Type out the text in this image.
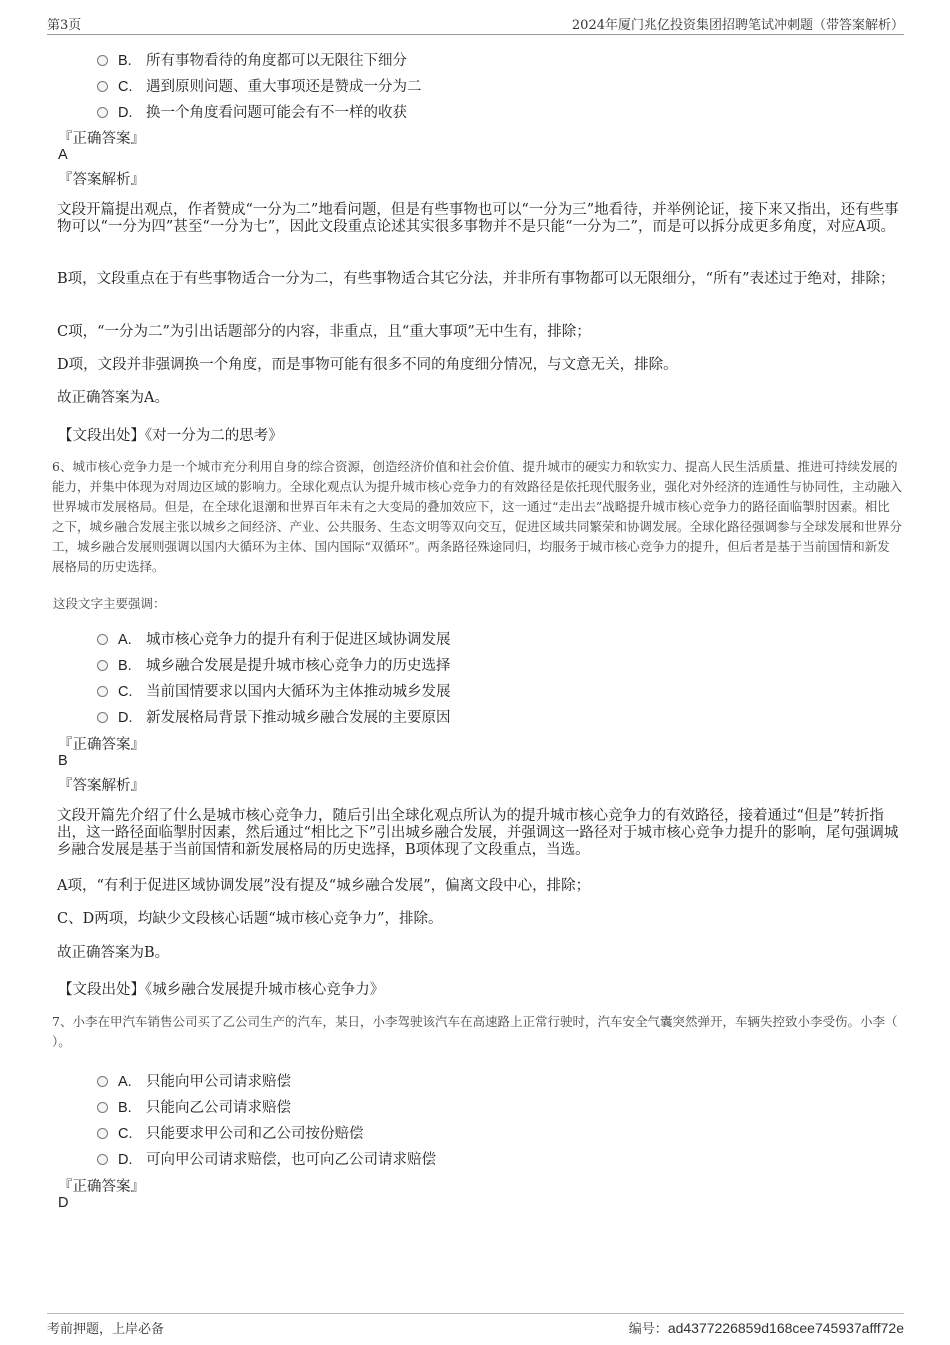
第3页	2024年厦门兆亿投资集团招聘笔试冲刺题（带答案解析）
B. 所有事物看待的角度都可以无限往下细分
C. 遇到原则问题、重大事项还是赞成一分为二
D. 换一个角度看问题可能会有不一样的收获
『正确答案』
A
『答案解析』
文段开篇提出观点，作者赞成“一分为二”地看问题，但是有些事物也可以“一分为三”地看待，并举例论证，接下来又指出，还有些事物可以“一分为四”甚至“一分为七”，因此文段重点论述其实很多事物并不是只能“一分为二”，而是可以拆分成更多角度，对应A项。
B项，文段重点在于有些事物适合一分为二，有些事物适合其它分法，并非所有事物都可以无限细分，“所有”表述过于绝对，排除；
C项，“一分为二”为引出话题部分的内容，非重点，且“重大事项”无中生有，排除；
D项，文段并非强调换一个角度，而是事物可能有很多不同的角度细分情况，与文意无关，排除。
故正确答案为A。
【文段出处】《对一分为二的思考》
6、城市核心竞争力是一个城市充分利用自身的综合资源，创造经济价值和社会价值、提升城市的硬实力和软实力、提高人民生活质量、推进可持续发展的能力，并集中体现为对周边区域的影响力。全球化观点认为提升城市核心竞争力的有效路径是依托现代服务业，强化对外经济的连通性与协同性，主动融入世界城市发展格局。但是，在全球化退潮和世界百年未有之大变局的叠加效应下，这一通过“走出去”战略提升城市核心竞争力的路径面临掣肘因素。相比之下，城乡融合发展主张以城乡之间经济、产业、公共服务、生态文明等双向交互，促进区域共同繁荣和协调发展。全球化路径强调参与全球发展和世界分工，城乡融合发展则强调以国内大循环为主体、国内国际“双循环”。两条路径殊途同归，均服务于城市核心竞争力的提升，但后者是基于当前国情和新发展格局的历史选择。
这段文字主要强调：
A. 城市核心竞争力的提升有利于促进区域协调发展
B. 城乡融合发展是提升城市核心竞争力的历史选择
C. 当前国情要求以国内大循环为主体推动城乡发展
D. 新发展格局背景下推动城乡融合发展的主要原因
『正确答案』
B
『答案解析』
文段开篇先介绍了什么是城市核心竞争力，随后引出全球化观点所认为的提升城市核心竞争力的有效路径，接着通过“但是”转折指出，这一路径面临掣肘因素，然后通过“相比之下”引出城乡融合发展，并强调这一路径对于城市核心竞争力提升的影响，尾句强调城乡融合发展是基于当前国情和新发展格局的历史选择，B项体现了文段重点，当选。
A项，“有利于促进区域协调发展”没有提及“城乡融合发展”，偏离文段中心，排除；
C、D两项，均缺少文段核心话题“城市核心竞争力”，排除。
故正确答案为B。
【文段出处】《城乡融合发展提升城市核心竞争力》
7、小李在甲汽车销售公司买了乙公司生产的汽车，某日，小李驾驶该汽车在高速路上正常行驶时，汽车安全气囊突然弹开，车辆失控致小李受伤。小李（ ）。
A. 只能向甲公司请求赔偿
B. 只能向乙公司请求赔偿
C. 只能要求甲公司和乙公司按份赔偿
D. 可向甲公司请求赔偿，也可向乙公司请求赔偿
『正确答案』
D
考前押题，上岸必备	编号：ad4377226859d168cee745937afff72e
